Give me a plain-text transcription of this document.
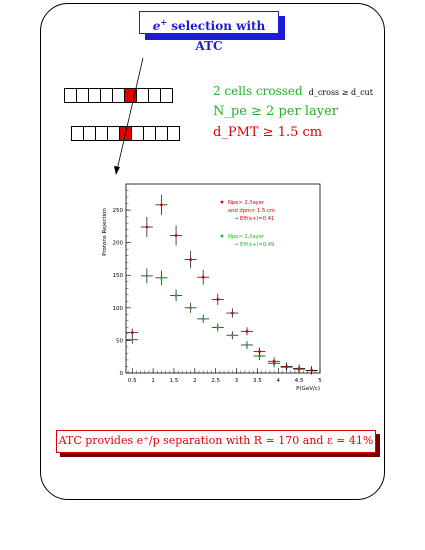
e+ selection with ATC
2 cells crossed d_cross ≥ d_cut
N_pe ≥ 2 per layer
d_PMT ≥ 1.5 cm
0.5	1	1.5	2	2.5	3	3.5	4	4.5	5
0
50
100
150
200
250
P(GeV/c)
Protons Rejection
Npe> 2./layer
and dpm> 1.5 cm
→ Eff(e+)=0.41
Npe> 2./layer
→ Eff(e+)=0.49
ATC provides e⁺/p separation with R ≃ 170 and ε ≃ 41%
